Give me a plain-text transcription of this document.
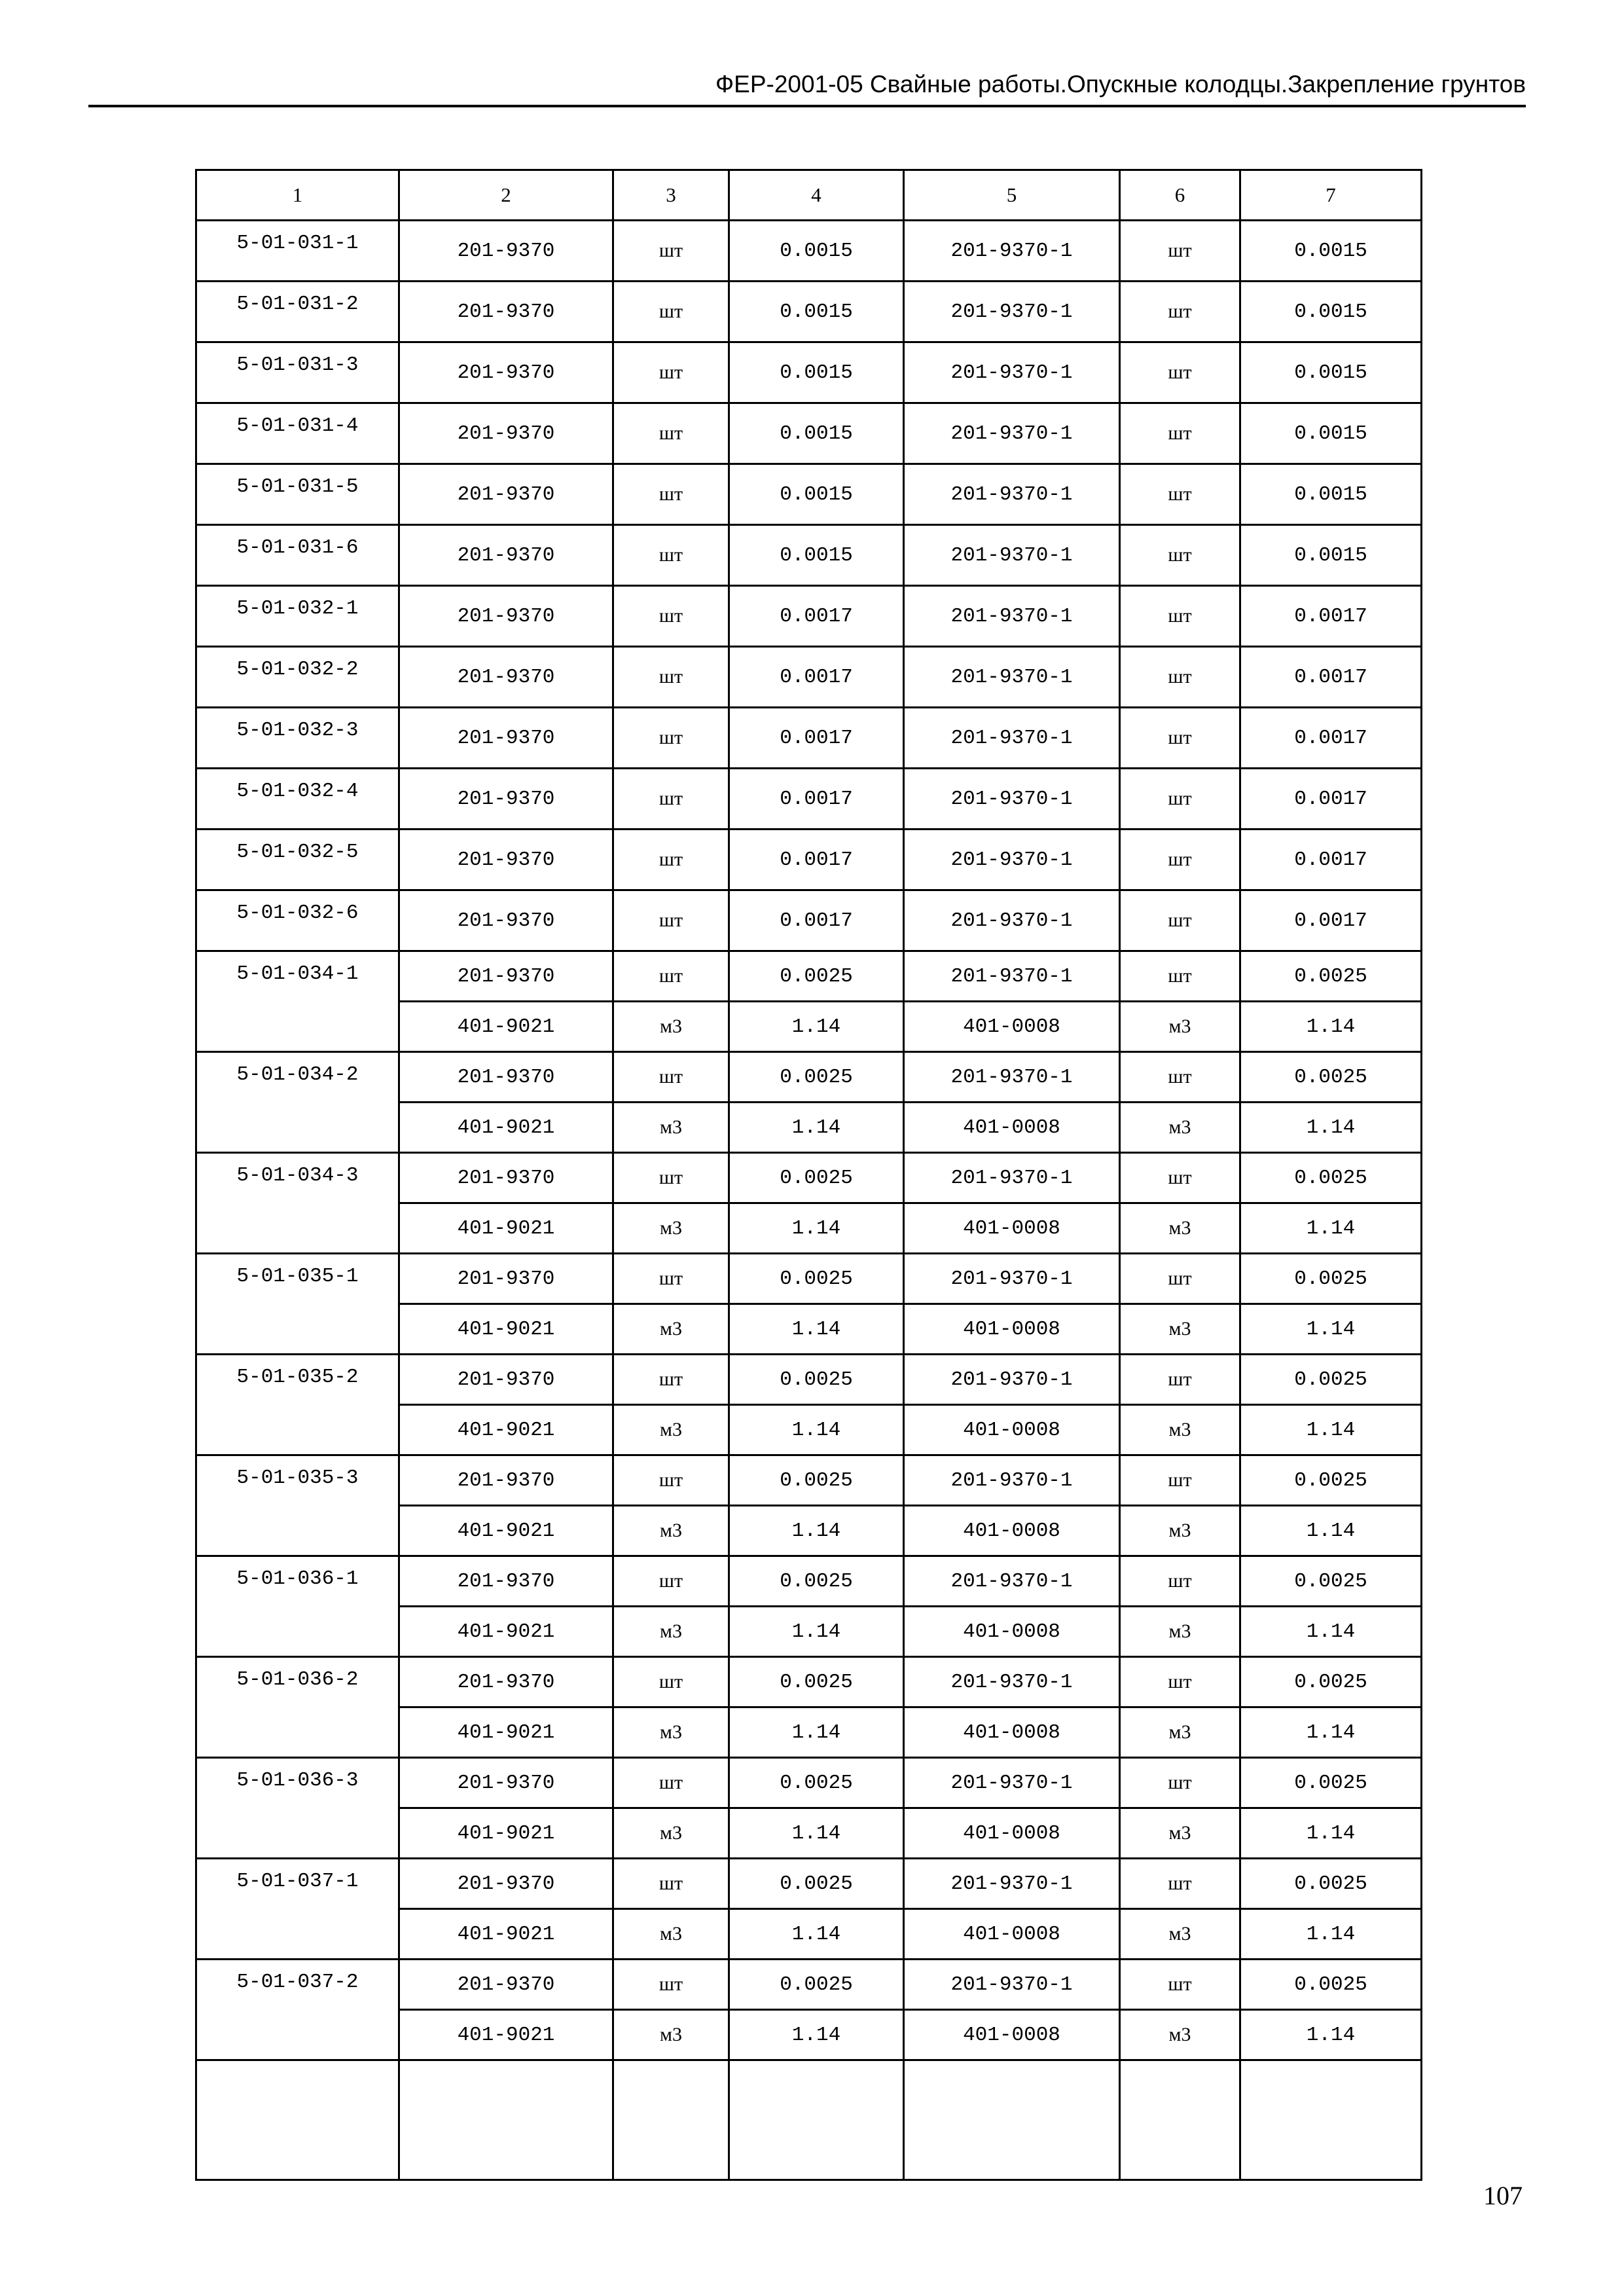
ФЕР-2001-05 Свайные работы.Опускные колодцы.Закрепление грунтов
1	2	3	4	5	6	7
5-01-031-1	201-9370	шт	0.0015	201-9370-1	шт	0.0015
5-01-031-2	201-9370	шт	0.0015	201-9370-1	шт	0.0015
5-01-031-3	201-9370	шт	0.0015	201-9370-1	шт	0.0015
5-01-031-4	201-9370	шт	0.0015	201-9370-1	шт	0.0015
5-01-031-5	201-9370	шт	0.0015	201-9370-1	шт	0.0015
5-01-031-6	201-9370	шт	0.0015	201-9370-1	шт	0.0015
5-01-032-1	201-9370	шт	0.0017	201-9370-1	шт	0.0017
5-01-032-2	201-9370	шт	0.0017	201-9370-1	шт	0.0017
5-01-032-3	201-9370	шт	0.0017	201-9370-1	шт	0.0017
5-01-032-4	201-9370	шт	0.0017	201-9370-1	шт	0.0017
5-01-032-5	201-9370	шт	0.0017	201-9370-1	шт	0.0017
5-01-032-6	201-9370	шт	0.0017	201-9370-1	шт	0.0017
5-01-034-1	201-9370	шт	0.0025	201-9370-1	шт	0.0025
	401-9021	м3	1.14	401-0008	м3	1.14
5-01-034-2	201-9370	шт	0.0025	201-9370-1	шт	0.0025
	401-9021	м3	1.14	401-0008	м3	1.14
5-01-034-3	201-9370	шт	0.0025	201-9370-1	шт	0.0025
	401-9021	м3	1.14	401-0008	м3	1.14
5-01-035-1	201-9370	шт	0.0025	201-9370-1	шт	0.0025
	401-9021	м3	1.14	401-0008	м3	1.14
5-01-035-2	201-9370	шт	0.0025	201-9370-1	шт	0.0025
	401-9021	м3	1.14	401-0008	м3	1.14
5-01-035-3	201-9370	шт	0.0025	201-9370-1	шт	0.0025
	401-9021	м3	1.14	401-0008	м3	1.14
5-01-036-1	201-9370	шт	0.0025	201-9370-1	шт	0.0025
	401-9021	м3	1.14	401-0008	м3	1.14
5-01-036-2	201-9370	шт	0.0025	201-9370-1	шт	0.0025
	401-9021	м3	1.14	401-0008	м3	1.14
5-01-036-3	201-9370	шт	0.0025	201-9370-1	шт	0.0025
	401-9021	м3	1.14	401-0008	м3	1.14
5-01-037-1	201-9370	шт	0.0025	201-9370-1	шт	0.0025
	401-9021	м3	1.14	401-0008	м3	1.14
5-01-037-2	201-9370	шт	0.0025	201-9370-1	шт	0.0025
	401-9021	м3	1.14	401-0008	м3	1.14

107
